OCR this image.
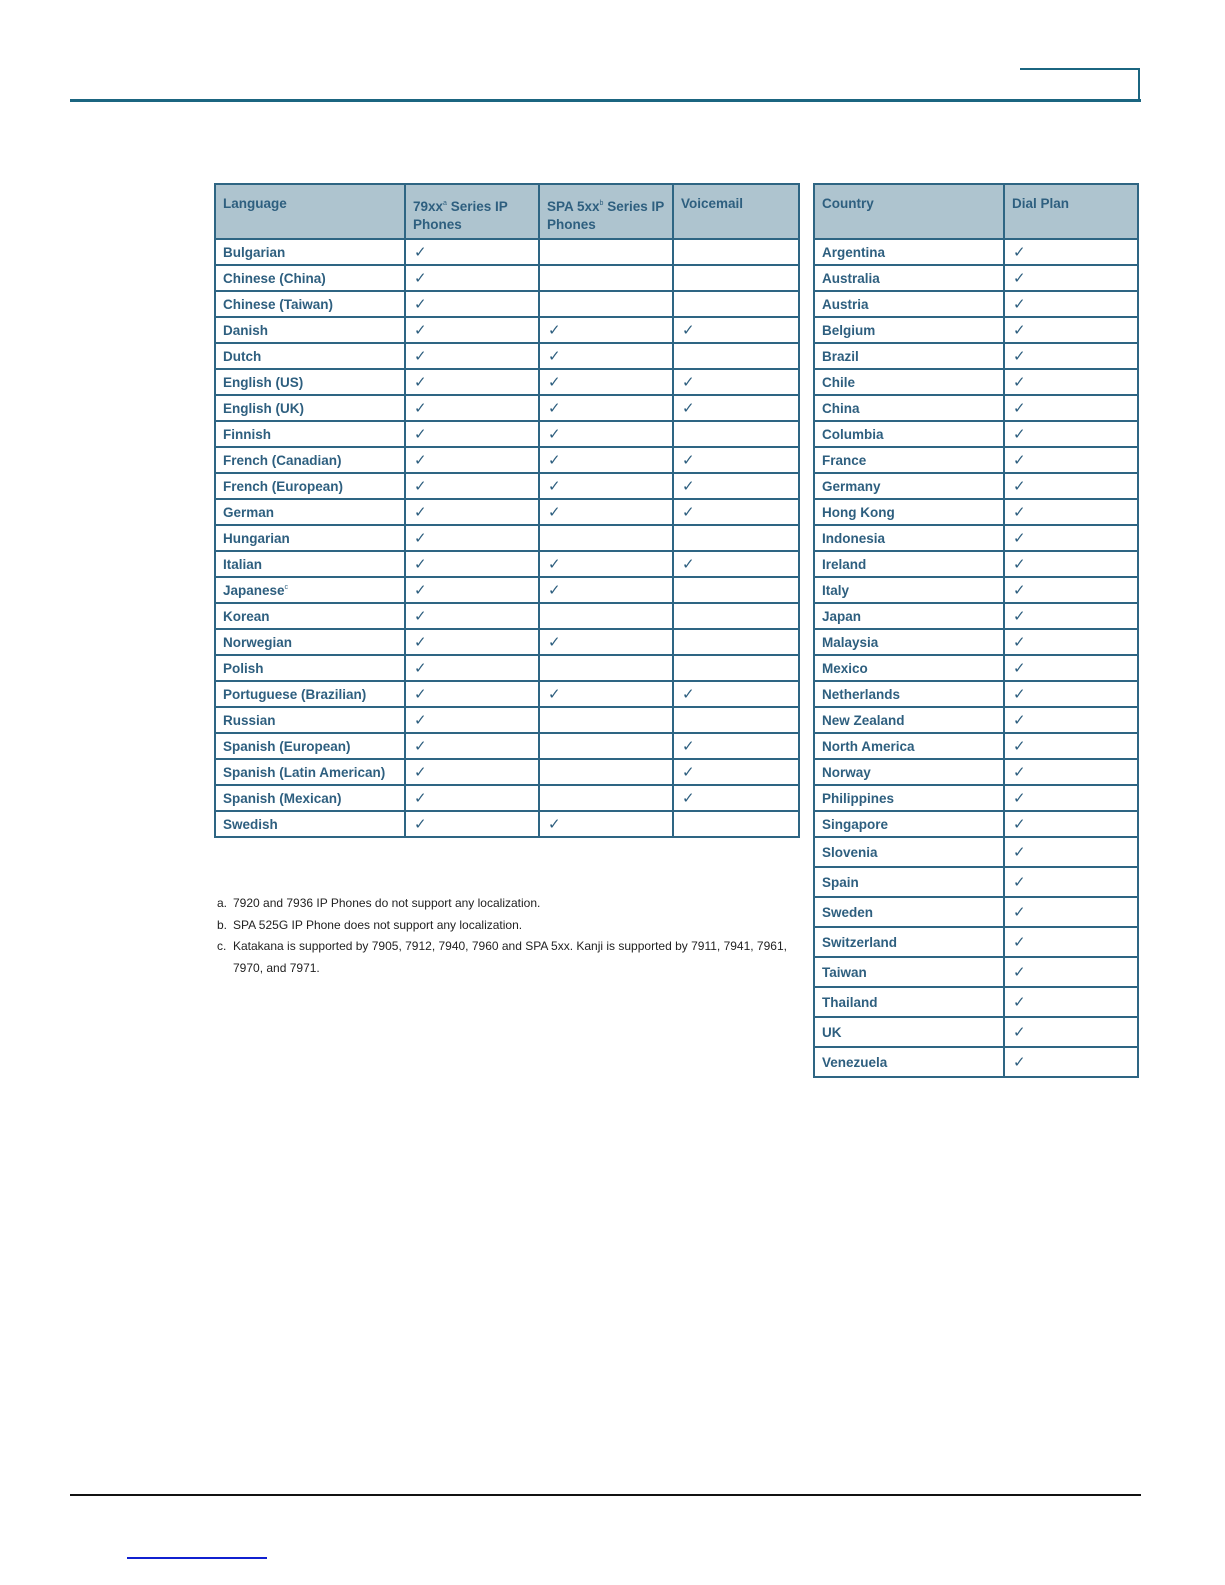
Language	$79xx^a$ Series IP Phones	SPA $5xx^b$ Series IP Phones	Voicemail
Bulgarian	✓		
Chinese (China)	✓		
Chinese (Taiwan)	✓		
Danish	✓	✓	✓
Dutch	✓	✓	
English (US)	✓	✓	✓
English (UK)	✓	✓	✓
Finnish	✓	✓	
French (Canadian)	✓	✓	✓
French (European)	✓	✓	✓
German	✓	✓	✓
Hungarian	✓		
Italian	✓	✓	✓
Japanese$^c$	✓	✓	
Korean	✓		
Norwegian	✓	✓	
Polish	✓		
Portuguese (Brazilian)	✓	✓	✓
Russian	✓		
Spanish (European)	✓		✓
Spanish (Latin American)	✓		✓
Spanish (Mexican)	✓		✓
Swedish	✓	✓	
a. 7920 and 7936 IP Phones do not support any localization.
b. SPA 525G IP Phone does not support any localization.
c. Katakana is supported by 7905, 7912, 7940, 7960 and SPA 5xx. Kanji is supported by 7911, 7941, 7961, 7970, and 7971.
Country	Dial Plan
Argentina	✓
Australia	✓
Austria	✓
Belgium	✓
Brazil	✓
Chile	✓
China	✓
Columbia	✓
France	✓
Germany	✓
Hong Kong	✓
Indonesia	✓
Ireland	✓
Italy	✓
Japan	✓
Malaysia	✓
Mexico	✓
Netherlands	✓
New Zealand	✓
North America	✓
Norway	✓
Philippines	✓
Singapore	✓
Slovenia	✓
Spain	✓
Sweden	✓
Switzerland	✓
Taiwan	✓
Thailand	✓
UK	✓
Venezuela	✓
